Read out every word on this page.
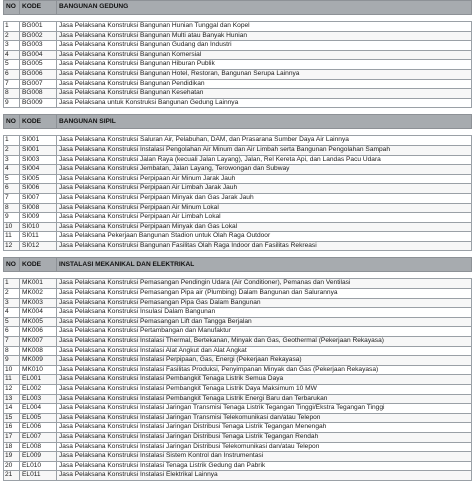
NO	KODE	BANGUNAN GEDUNG

1	BG001	Jasa Pelaksana Konstruksi Bangunan Hunian Tunggal dan Kopel
2	BG002	Jasa Pelaksana Konstruksi Bangunan Multi atau Banyak Hunian
3	BG003	Jasa Pelaksana Konstruksi Bangunan Gudang dan Industri
4	BG004	Jasa Pelaksana Konstruksi Bangunan Komersial
5	BG005	Jasa Pelaksana Konstruksi Bangunan Hiburan Publik
6	BG006	Jasa Pelaksana Konstruksi Bangunan Hotel, Restoran, Bangunan Serupa Lainnya
7	BG007	Jasa Pelaksana Konstruksi Bangunan Pendidikan
8	BG008	Jasa Pelaksana Konstruksi Bangunan Kesehatan
9	BG009	Jasa Pelaksana untuk Konstruksi Bangunan Gedung Lainnya

NO	KODE	BANGUNAN SIPIL

1	SI001	Jasa Pelaksana Konstruksi Saluran Air, Pelabuhan, DAM, dan Prasarana Sumber Daya Air Lainnya
2	SI001	Jasa Pelaksana Konstruksi Instalasi Pengolahan Air Minum dan Air Limbah serta Bangunan Pengolahan Sampah
3	SI003	Jasa Pelaksana Konstruksi Jalan Raya (kecuali Jalan Layang), Jalan, Rel Kereta Api, dan Landas Pacu Udara
4	SI004	Jasa Pelaksana Konstruksi Jembatan, Jalan Layang, Terowongan dan Subway
5	SI005	Jasa Pelaksana Konstruksi Perpipaan Air Minum Jarak Jauh
6	SI006	Jasa Pelaksana Konstruksi Perpipaan Air Limbah Jarak Jauh
7	SI007	Jasa Pelaksana Konstruksi Perpipaan Minyak dan Gas Jarak Jauh
8	SI008	Jasa Pelaksana Konstruksi Perpipaan Air Minum Lokal
9	SI009	Jasa Pelaksana Konstruksi Perpipaan Air Limbah Lokal
10	SI010	Jasa Pelaksana Konstruksi Perpipaan Minyak dan Gas Lokal
11	SI011	Jasa Pelaksana Pekerjaan Bangunan Stadion untuk Olah Raga Outdoor
12	SI012	Jasa Pelaksana Konstruksi Bangunan Fasilitas Olah Raga Indoor dan Fasilitas Rekreasi

NO	KODE	INSTALASI MEKANIKAL DAN ELEKTRIKAL

1	MK001	Jasa Pelaksana Konstruksi Pemasangan Pendingin Udara (Air Conditioner), Pemanas dan Ventilasi
2	MK002	Jasa Pelaksana Konstruksi Pemasangan Pipa air (Plumbing) Dalam Bangunan dan Salurannya
3	MK003	Jasa Pelaksana Konstruksi Pemasangan Pipa Gas Dalam Bangunan
4	MK004	Jasa Pelaksana Konstruksi Insulasi Dalam Bangunan
5	MK005	Jasa Pelaksana Konstruksi Pemasangan Lift dan Tangga Berjalan
6	MK006	Jasa Pelaksana Konstruksi Pertambangan dan Manufaktur
7	MK007	Jasa Pelaksana Konstruksi Instalasi Thermal, Bertekanan, Minyak dan Gas, Geothermal (Pekerjaan Rekayasa)
8	MK008	Jasa Pelaksana Konstruksi Instalasi Alat Angkut dan Alat Angkat
9	MK009	Jasa Pelaksana Konstruksi Instalasi Perpipaan, Gas, Energi (Pekerjaan Rekayasa)
10	MK010	Jasa Pelaksana Konstruksi Instalasi Fasilitas Produksi, Penyimpanan Minyak dan Gas (Pekerjaan Rekayasa)
11	EL001	Jasa Pelaksana Konstruksi Instalasi Pembangkit Tenaga Listrik Semua Daya
12	EL002	Jasa Pelaksana Konstruksi Instalasi Pembangkit Tenaga Listrik Daya Maksimum 10 MW
13	EL003	Jasa Pelaksana Konstruksi Instalasi Pembangkit Tenaga Listrik Energi Baru dan Terbarukan
14	EL004	Jasa Pelaksana Konstruksi Instalasi Jaringan Transmisi Tenaga Listrik Tegangan Tinggi/Ekstra Tegangan Tinggi
15	EL005	Jasa Pelaksana Konstruksi Instalasi Jaringan Transmisi Telekomunikasi dan/atau Telepon
16	EL006	Jasa Pelaksana Konstruksi Instalasi Jaringan Distribusi Tenaga Listrik Tegangan Menengah
17	EL007	Jasa Pelaksana Konstruksi Instalasi Jaringan Distribusi Tenaga Listrik Tegangan Rendah
18	EL008	Jasa Pelaksana Konstruksi Instalasi Jaringan Distribusi Telekomunikasi dan/atau Telepon
19	EL009	Jasa Pelaksana Konstruksi Instalasi Sistem Kontrol dan Instrumentasi
20	EL010	Jasa Pelaksana Konstruksi Instalasi Tenaga Listrik Gedung dan Pabrik
21	EL011	Jasa Pelaksana Konstruksi Instalasi Elektrikal Lainnya
